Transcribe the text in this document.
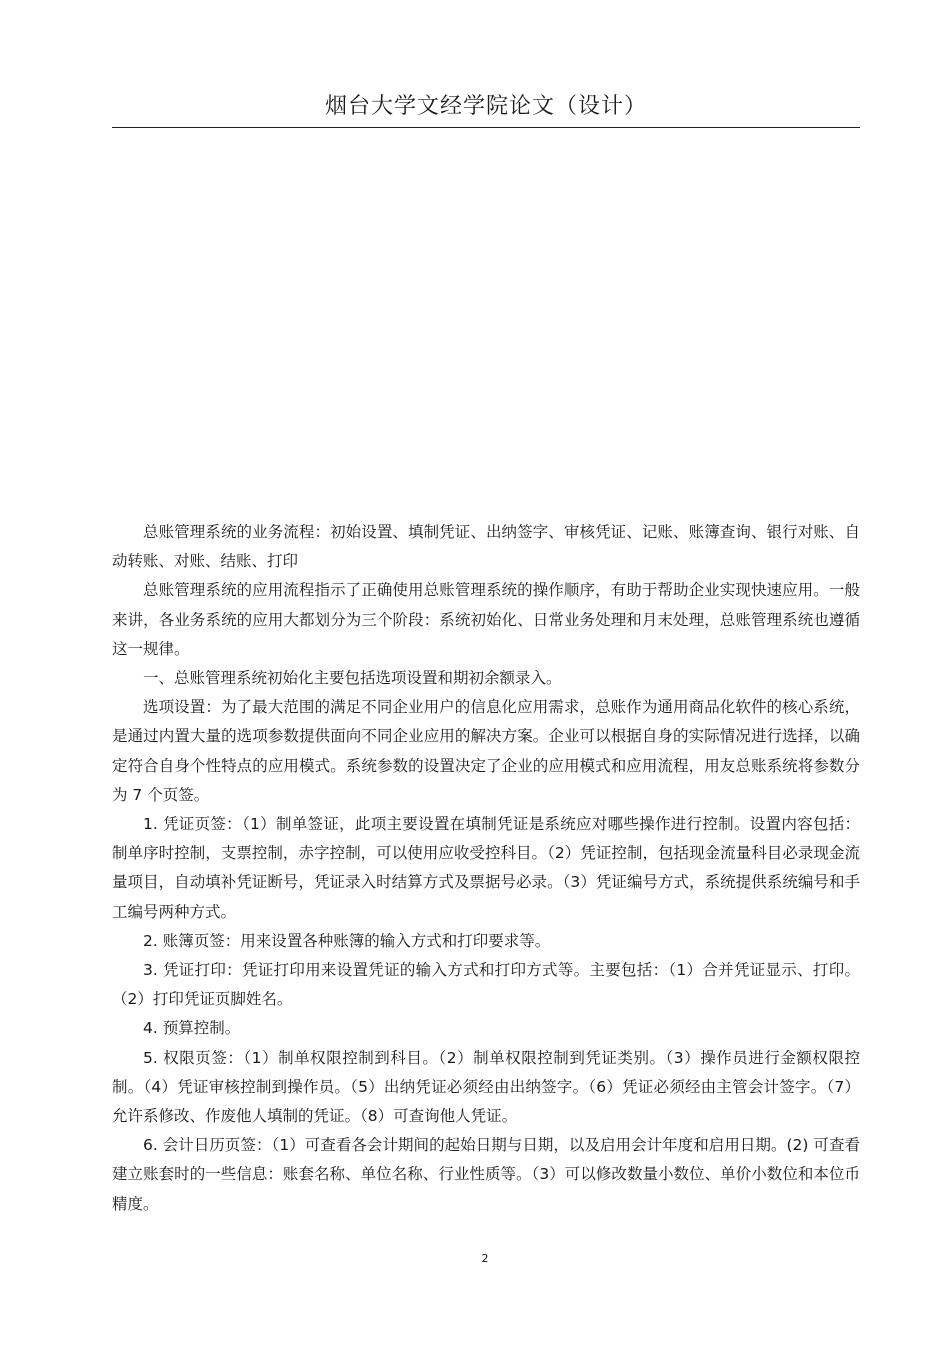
烟台大学文经学院论文（设计）

总账管理系统的业务流程：初始设置、填制凭证、出纳签字、审核凭证、记账、账簿查询、银行对账、自动转账、对账、结账、打印

总账管理系统的应用流程指示了正确使用总账管理系统的操作顺序，有助于帮助企业实现快速应用。一般来讲，各业务系统的应用大都划分为三个阶段：系统初始化、日常业务处理和月末处理，总账管理系统也遵循这一规律。

一、总账管理系统初始化主要包括选项设置和期初余额录入。

选项设置：为了最大范围的满足不同企业用户的信息化应用需求，总账作为通用商品化软件的核心系统，是通过内置大量的选项参数提供面向不同企业应用的解决方案。企业可以根据自身的实际情况进行选择，以确定符合自身个性特点的应用模式。系统参数的设置决定了企业的应用模式和应用流程，用友总账系统将参数分为 7 个页签。

1. 凭证页签：（1）制单签证，此项主要设置在填制凭证是系统应对哪些操作进行控制。设置内容包括：制单序时控制，支票控制，赤字控制，可以使用应收受控科目。（2）凭证控制，包括现金流量科目必录现金流量项目，自动填补凭证断号，凭证录入时结算方式及票据号必录。（3）凭证编号方式，系统提供系统编号和手工编号两种方式。

2. 账簿页签：用来设置各种账簿的输入方式和打印要求等。

3. 凭证打印：凭证打印用来设置凭证的输入方式和打印方式等。主要包括：（1）合并凭证显示、打印。（2）打印凭证页脚姓名。

4. 预算控制。

5. 权限页签：（1）制单权限控制到科目。（2）制单权限控制到凭证类别。（3）操作员进行金额权限控制。（4）凭证审核控制到操作员。（5）出纳凭证必须经由出纳签字。（6）凭证必须经由主管会计签字。（7）允许系修改、作废他人填制的凭证。（8）可查询他人凭证。

6. 会计日历页签：（1）可查看各会计期间的起始日期与日期，以及启用会计年度和启用日期。(2) 可查看建立账套时的一些信息：账套名称、单位名称、行业性质等。（3）可以修改数量小数位、单价小数位和本位币精度。

2
